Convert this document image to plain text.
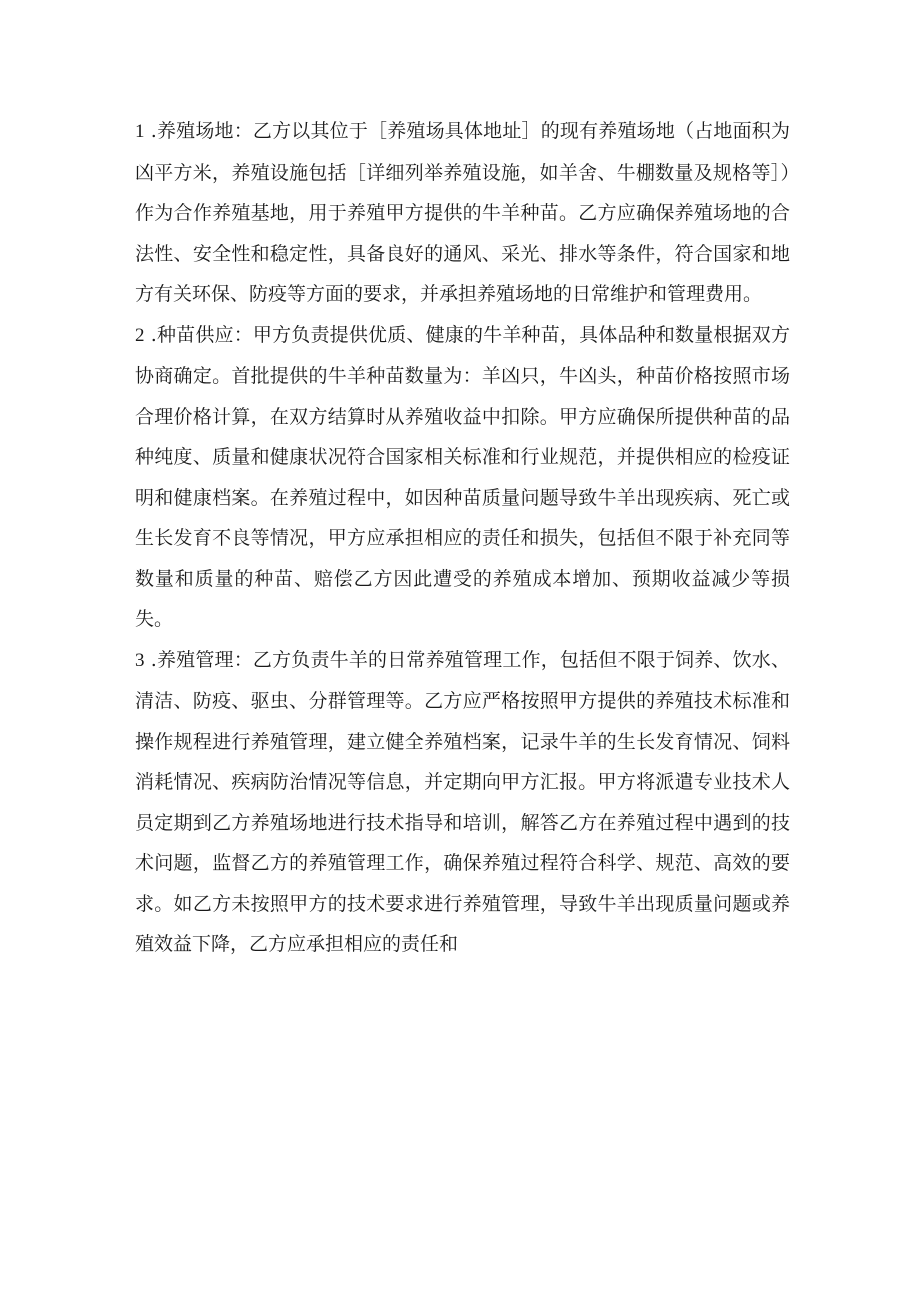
1 .养殖场地：乙方以其位于［养殖场具体地址］的现有养殖场地（占地面积为凶平方米，养殖设施包括［详细列举养殖设施，如羊舍、牛棚数量及规格等］）作为合作养殖基地，用于养殖甲方提供的牛羊种苗。乙方应确保养殖场地的合法性、安全性和稳定性，具备良好的通风、采光、排水等条件，符合国家和地方有关环保、防疫等方面的要求，并承担养殖场地的日常维护和管理费用。

2 .种苗供应：甲方负责提供优质、健康的牛羊种苗，具体品种和数量根据双方协商确定。首批提供的牛羊种苗数量为：羊凶只，牛凶头，种苗价格按照市场合理价格计算，在双方结算时从养殖收益中扣除。甲方应确保所提供种苗的品种纯度、质量和健康状况符合国家相关标准和行业规范，并提供相应的检疫证明和健康档案。在养殖过程中，如因种苗质量问题导致牛羊出现疾病、死亡或生长发育不良等情况，甲方应承担相应的责任和损失，包括但不限于补充同等数量和质量的种苗、赔偿乙方因此遭受的养殖成本增加、预期收益减少等损失。

3 .养殖管理：乙方负责牛羊的日常养殖管理工作，包括但不限于饲养、饮水、清洁、防疫、驱虫、分群管理等。乙方应严格按照甲方提供的养殖技术标准和操作规程进行养殖管理，建立健全养殖档案，记录牛羊的生长发育情况、饲料消耗情况、疾病防治情况等信息，并定期向甲方汇报。甲方将派遣专业技术人员定期到乙方养殖场地进行技术指导和培训，解答乙方在养殖过程中遇到的技术问题，监督乙方的养殖管理工作，确保养殖过程符合科学、规范、高效的要求。如乙方未按照甲方的技术要求进行养殖管理，导致牛羊出现质量问题或养殖效益下降，乙方应承担相应的责任和
